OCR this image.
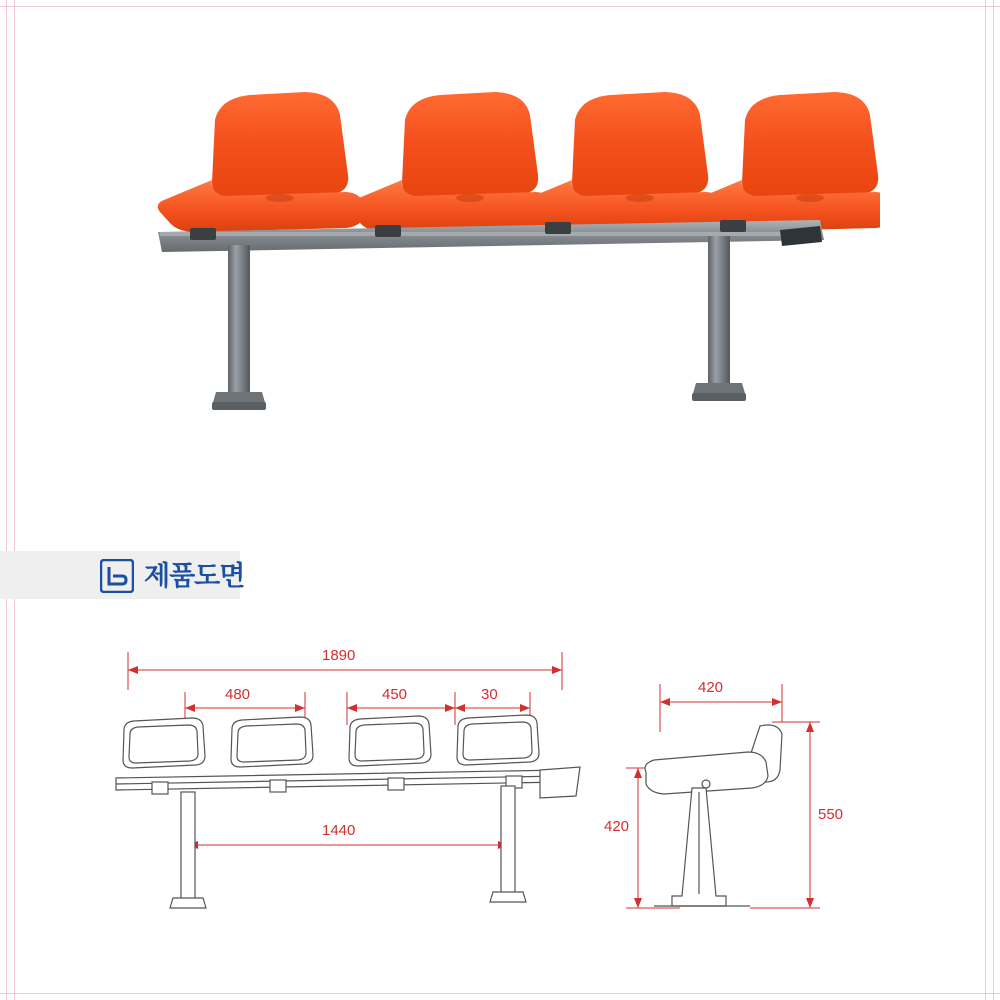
제품도면
1890
480	450	30
1440
420
420
550
